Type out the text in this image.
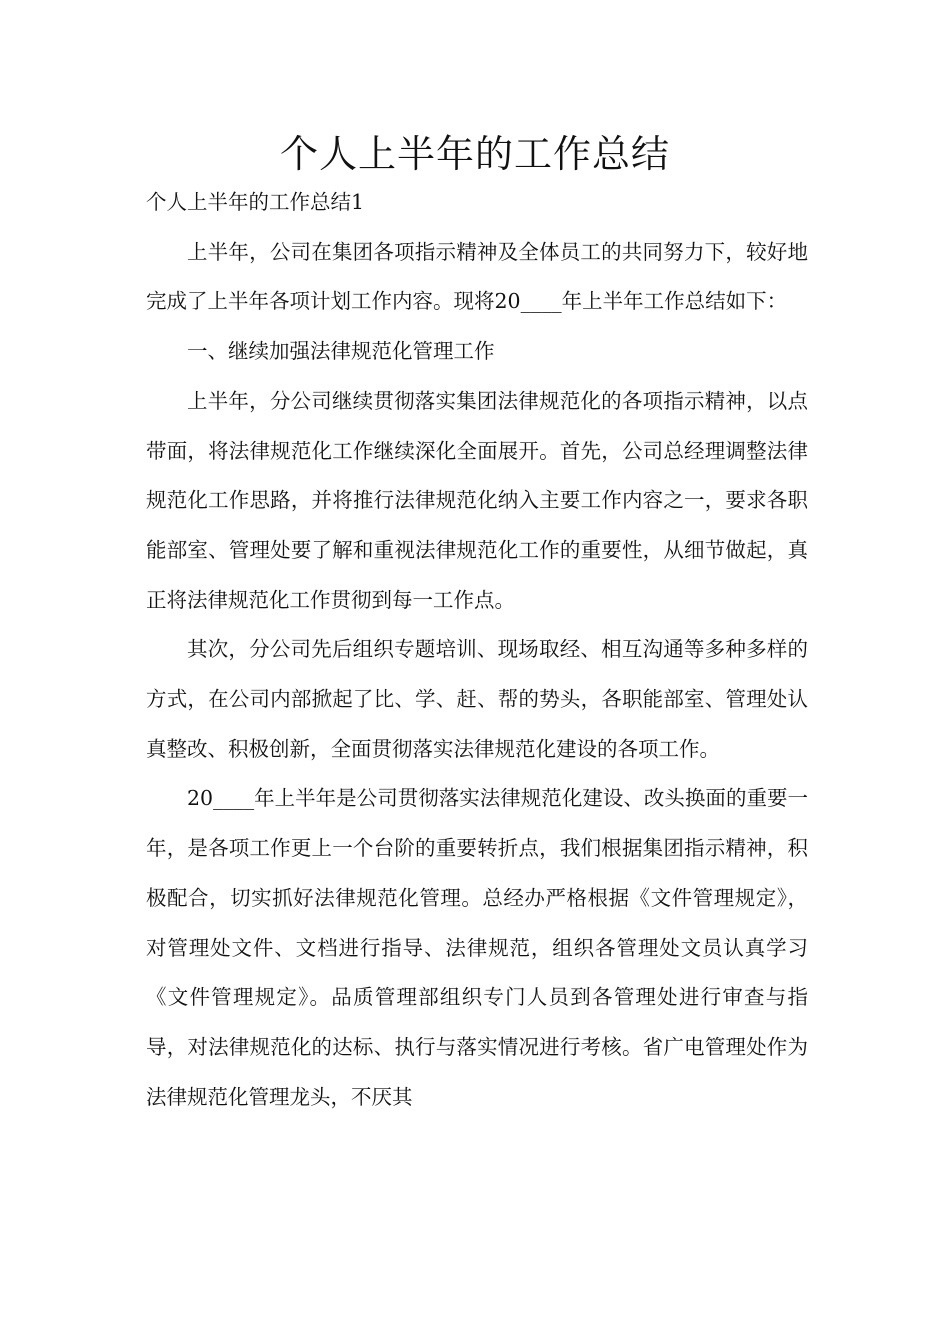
个人上半年的工作总结

个人上半年的工作总结1

上半年，公司在集团各项指示精神及全体员工的共同努力下，较好地完成了上半年各项计划工作内容。现将20____年上半年工作总结如下：

一、继续加强法律规范化管理工作

上半年，分公司继续贯彻落实集团法律规范化的各项指示精神，以点带面，将法律规范化工作继续深化全面展开。首先，公司总经理调整法律规范化工作思路，并将推行法律规范化纳入主要工作内容之一，要求各职能部室、管理处要了解和重视法律规范化工作的重要性，从细节做起，真正将法律规范化工作贯彻到每一工作点。

其次，分公司先后组织专题培训、现场取经、相互沟通等多种多样的方式，在公司内部掀起了比、学、赶、帮的势头，各职能部室、管理处认真整改、积极创新，全面贯彻落实法律规范化建设的各项工作。

20____年上半年是公司贯彻落实法律规范化建设、改头换面的重要一年，是各项工作更上一个台阶的重要转折点，我们根据集团指示精神，积极配合，切实抓好法律规范化管理。总经办严格根据《文件管理规定》，对管理处文件、文档进行指导、法律规范，组织各管理处文员认真学习《文件管理规定》。品质管理部组织专门人员到各管理处进行审查与指导，对法律规范化的达标、执行与落实情况进行考核。省广电管理处作为法律规范化管理龙头，不厌其
